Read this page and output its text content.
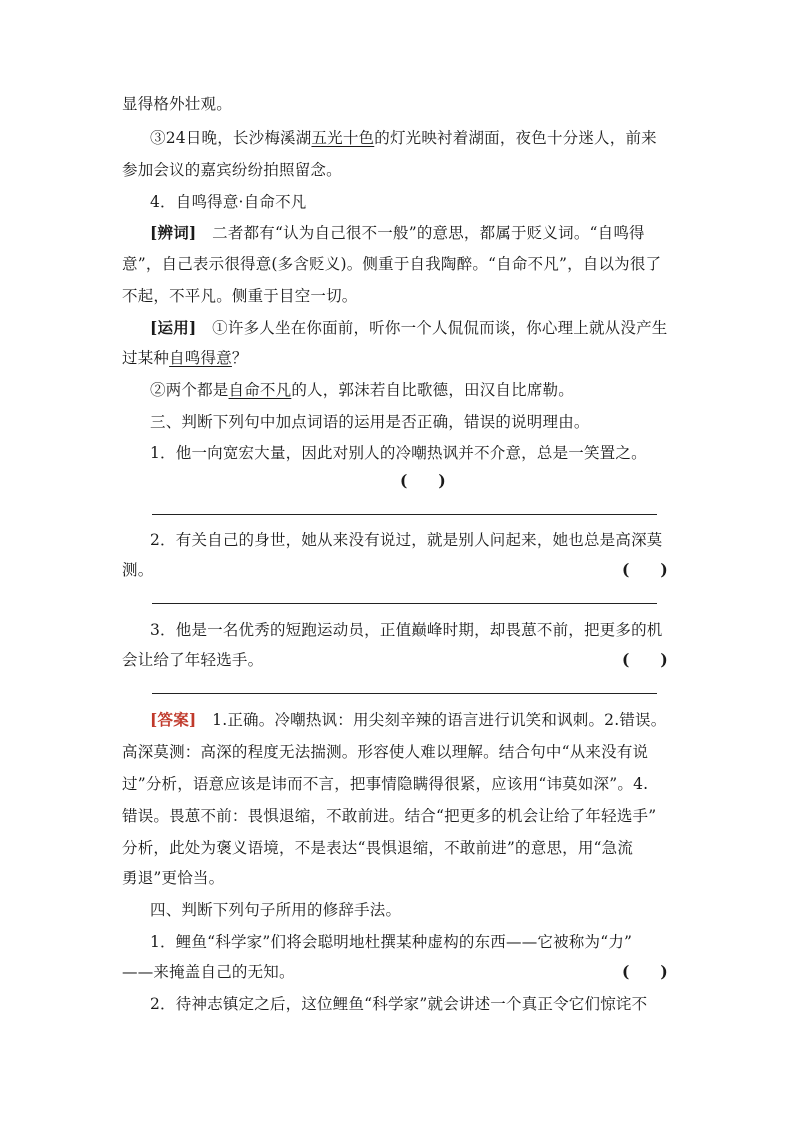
显得格外壮观。
③24日晚，长沙梅溪湖五光十色的灯光映衬着湖面，夜色十分迷人，前来
参加会议的嘉宾纷纷拍照留念。
4．自鸣得意·自命不凡
[辨词]　二者都有“认为自己很不一般”的意思，都属于贬义词。“自鸣得
意”，自己表示很得意(多含贬义)。侧重于自我陶醉。“自命不凡”，自以为很了
不起，不平凡。侧重于目空一切。
[运用]　①许多人坐在你面前，听你一个人侃侃而谈，你心理上就从没产生
过某种自鸣得意？
②两个都是自命不凡的人，郭沫若自比歌德，田汉自比席勒。
三、判断下列句中加点词语的运用是否正确，错误的说明理由。
1．他一向宽宏大量，因此对别人的冷嘲热讽并不介意，总是一笑置之。
(　　)
2．有关自己的身世，她从来没有说过，就是别人问起来，她也总是高深莫
测。	(　　)
3．他是一名优秀的短跑运动员，正值巅峰时期，却畏葸不前，把更多的机
会让给了年轻选手。	(　　)
[答案]　1.正确。冷嘲热讽：用尖刻辛辣的语言进行讥笑和讽刺。2.错误。
高深莫测：高深的程度无法揣测。形容使人难以理解。结合句中“从来没有说
过”分析，语意应该是讳而不言，把事情隐瞒得很紧，应该用“讳莫如深”。4.
错误。畏葸不前：畏惧退缩，不敢前进。结合“把更多的机会让给了年轻选手”
分析，此处为褒义语境，不是表达“畏惧退缩，不敢前进”的意思，用“急流
勇退”更恰当。
四、判断下列句子所用的修辞手法。
1．鲤鱼“科学家”们将会聪明地杜撰某种虚构的东西——它被称为“力”
——来掩盖自己的无知。	(　　)
2．待神志镇定之后，这位鲤鱼“科学家”就会讲述一个真正令它们惊诧不
